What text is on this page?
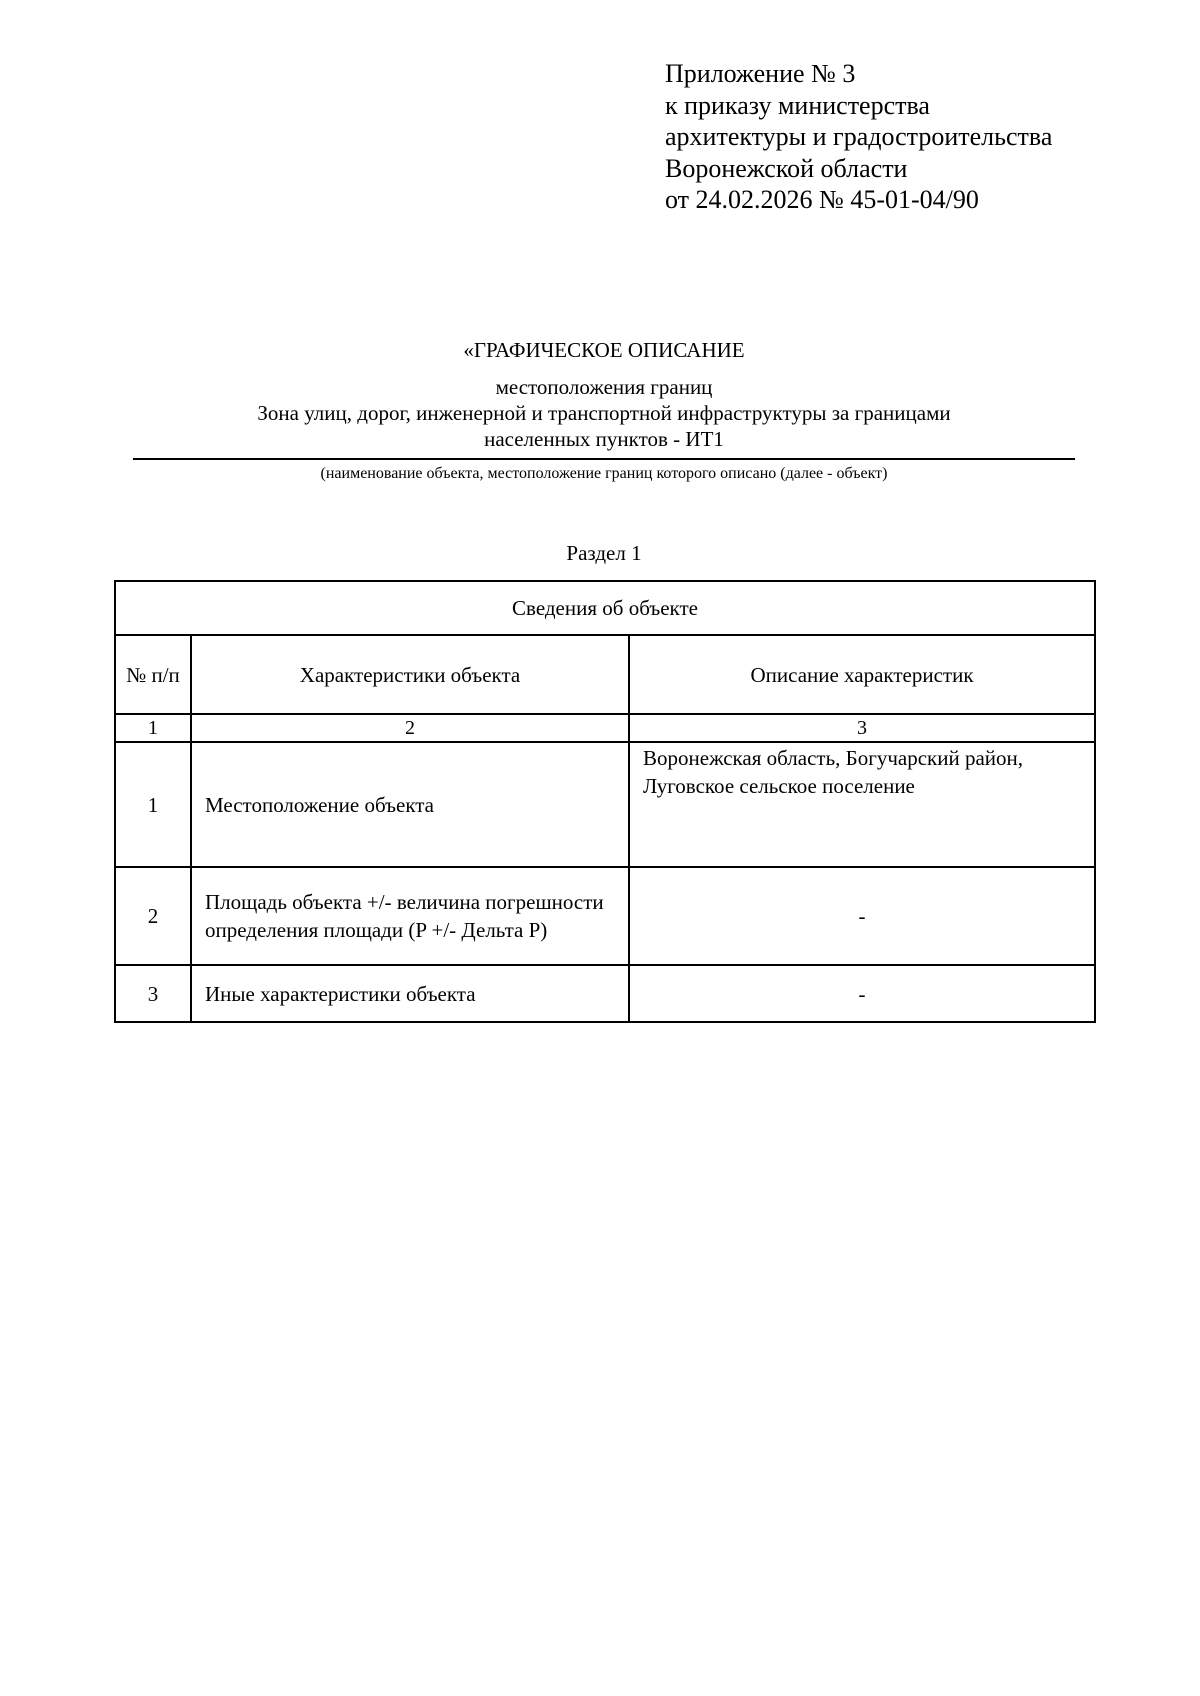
Приложение № 3
к приказу министерства
архитектуры и градостроительства
Воронежской области
от 24.02.2026 № 45-01-04/90

«ГРАФИЧЕСКОЕ ОПИСАНИЕ

местоположения границ

Зона улиц, дорог, инженерной и транспортной инфраструктуры за границами

населенных пунктов - ИТ1

(наименование объекта, местоположение границ которого описано (далее - объект)
Раздел 1
Сведения об объекте		
№ п/п	Характеристики объекта	Описание характеристик
1	2	3
1	Местоположение объекта	Воронежская область, Богучарский район, Луговское сельское поселение
2	Площадь объекта +/- величина погрешности определения площади (P +/- Дельта P)	-
3	Иные характеристики объекта	-
